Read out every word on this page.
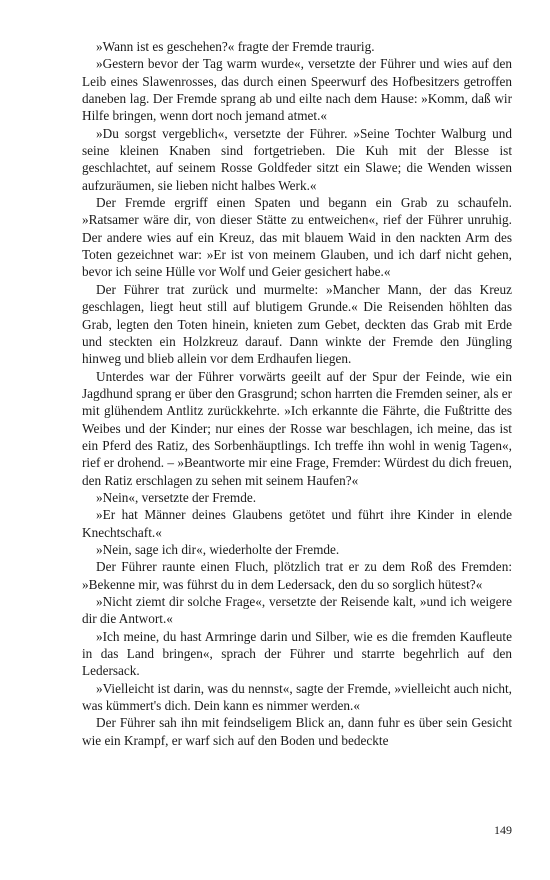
»Wann ist es geschehen?« fragte der Fremde traurig.

»Gestern bevor der Tag warm wurde«, versetzte der Führer und wies auf den Leib eines Slawenrosses, das durch einen Speerwurf des Hofbesitzers getroffen daneben lag. Der Fremde sprang ab und eilte nach dem Hause: »Komm, daß wir Hilfe bringen, wenn dort noch jemand atmet.«

»Du sorgst vergeblich«, versetzte der Führer. »Seine Tochter Walburg und seine kleinen Knaben sind fortgetrieben. Die Kuh mit der Blesse ist geschlachtet, auf seinem Rosse Goldfeder sitzt ein Slawe; die Wenden wissen aufzuräumen, sie lieben nicht halbes Werk.«

Der Fremde ergriff einen Spaten und begann ein Grab zu schaufeln. »Ratsamer wäre dir, von dieser Stätte zu entweichen«, rief der Führer unruhig. Der andere wies auf ein Kreuz, das mit blauem Waid in den nackten Arm des Toten gezeichnet war: »Er ist von meinem Glauben, und ich darf nicht gehen, bevor ich seine Hülle vor Wolf und Geier gesichert habe.«

Der Führer trat zurück und murmelte: »Mancher Mann, der das Kreuz geschlagen, liegt heut still auf blutigem Grunde.« Die Reisenden höhlten das Grab, legten den Toten hinein, knieten zum Gebet, deckten das Grab mit Erde und steckten ein Holzkreuz darauf. Dann winkte der Fremde den Jüngling hinweg und blieb allein vor dem Erdhaufen liegen.

Unterdes war der Führer vorwärts geeilt auf der Spur der Feinde, wie ein Jagdhund sprang er über den Grasgrund; schon harrten die Fremden seiner, als er mit glühendem Antlitz zurückkehrte. »Ich erkannte die Fährte, die Fußtritte des Weibes und der Kinder; nur eines der Rosse war beschlagen, ich meine, das ist ein Pferd des Ratiz, des Sorbenhäuptlings. Ich treffe ihn wohl in wenig Tagen«, rief er drohend. – »Beantworte mir eine Frage, Fremder: Würdest du dich freuen, den Ratiz erschlagen zu sehen mit seinem Haufen?«

»Nein«, versetzte der Fremde.

»Er hat Männer deines Glaubens getötet und führt ihre Kinder in elende Knechtschaft.«

»Nein, sage ich dir«, wiederholte der Fremde.

Der Führer raunte einen Fluch, plötzlich trat er zu dem Roß des Fremden: »Bekenne mir, was führst du in dem Ledersack, den du so sorglich hütest?«

»Nicht ziemt dir solche Frage«, versetzte der Reisende kalt, »und ich weigere dir die Antwort.«

»Ich meine, du hast Armringe darin und Silber, wie es die fremden Kaufleute in das Land bringen«, sprach der Führer und starrte begehrlich auf den Ledersack.

»Vielleicht ist darin, was du nennst«, sagte der Fremde, »vielleicht auch nicht, was kümmert's dich. Dein kann es nimmer werden.«

Der Führer sah ihn mit feindseligem Blick an, dann fuhr es über sein Gesicht wie ein Krampf, er warf sich auf den Boden und bedeckte

149
